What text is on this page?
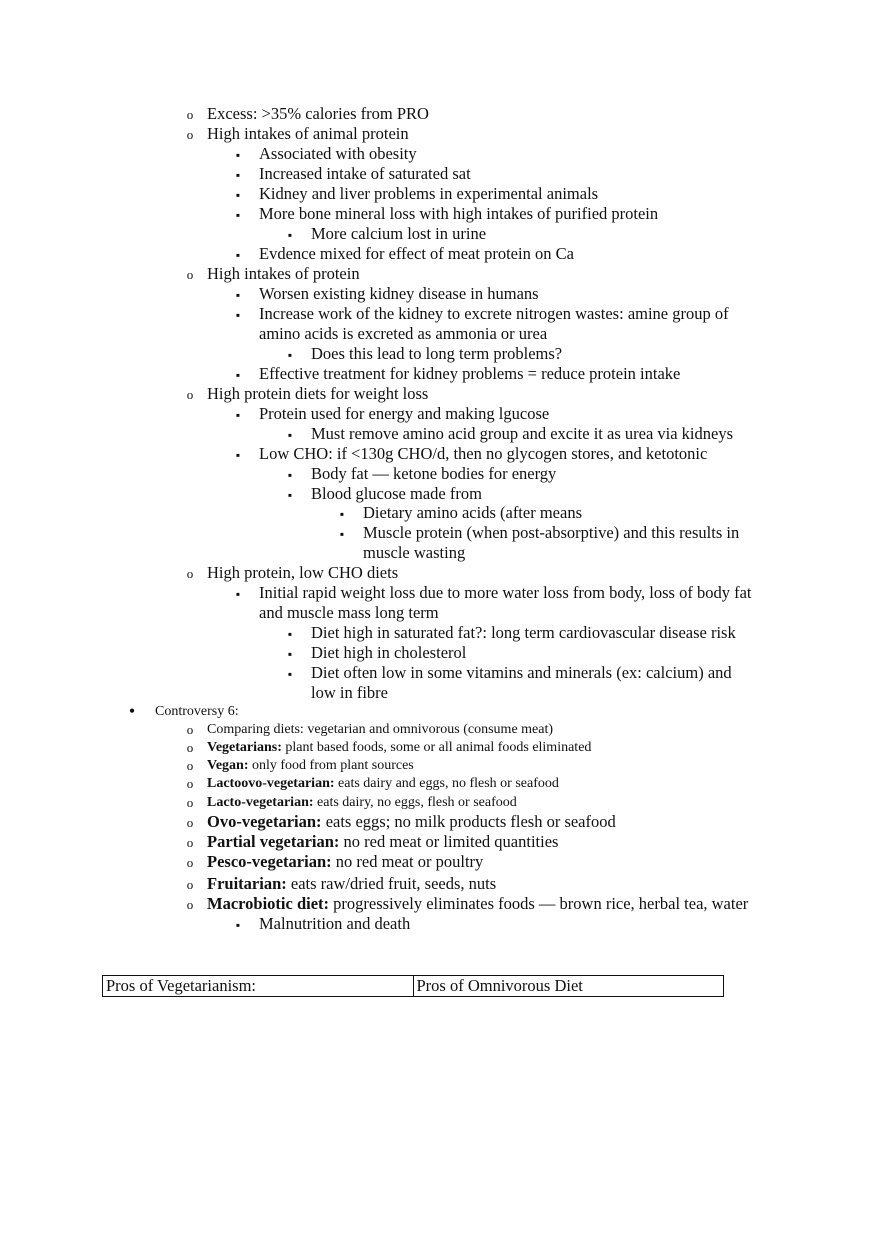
o
Excess: >35% calories from PRO
o
High intakes of animal protein
▪
Associated with obesity
▪
Increased intake of saturated sat
▪
Kidney and liver problems in experimental animals
▪
More bone mineral loss with high intakes of purified protein
▪
More calcium lost in urine
▪
Evdence mixed for effect of meat protein on Ca
o
High intakes of protein
▪
Worsen existing kidney disease in humans
▪
Increase work of the kidney to excrete nitrogen wastes: amine group of
amino acids is excreted as ammonia or urea
▪
Does this lead to long term problems?
▪
Effective treatment for kidney problems = reduce protein intake
o
High protein diets for weight loss
▪
Protein used for energy and making lgucose
▪
Must remove amino acid group and excite it as urea via kidneys
▪
Low CHO: if <130g CHO/d, then no glycogen stores, and ketotonic
▪
Body fat — ketone bodies for energy
▪
Blood glucose made from
▪
Dietary amino acids (after means
▪
Muscle protein (when post-absorptive) and this results in
muscle wasting
o
High protein, low CHO diets
▪
Initial rapid weight loss due to more water loss from body, loss of body fat
and muscle mass long term
▪
Diet high in saturated fat?: long term cardiovascular disease risk
▪
Diet high in cholesterol
▪
Diet often low in some vitamins and minerals (ex: calcium) and
low in fibre
•
Controversy 6:
o
Comparing diets: vegetarian and omnivorous (consume meat)
o
Vegetarians: plant based foods, some or all animal foods eliminated
o
Vegan: only food from plant sources
o
Lactoovo-vegetarian: eats dairy and eggs, no flesh or seafood
o
Lacto-vegetarian: eats dairy, no eggs, flesh or seafood
o
Ovo-vegetarian: eats eggs; no milk products flesh or seafood
o
Partial vegetarian: no red meat or limited quantities
o
Pesco-vegetarian: no red meat or poultry
o
Fruitarian: eats raw/dried fruit, seeds, nuts
o
Macrobiotic diet: progressively eliminates foods — brown rice, herbal tea, water
▪
Malnutrition and death
Pros of Vegetarianism:	Pros of Omnivorous Diet
